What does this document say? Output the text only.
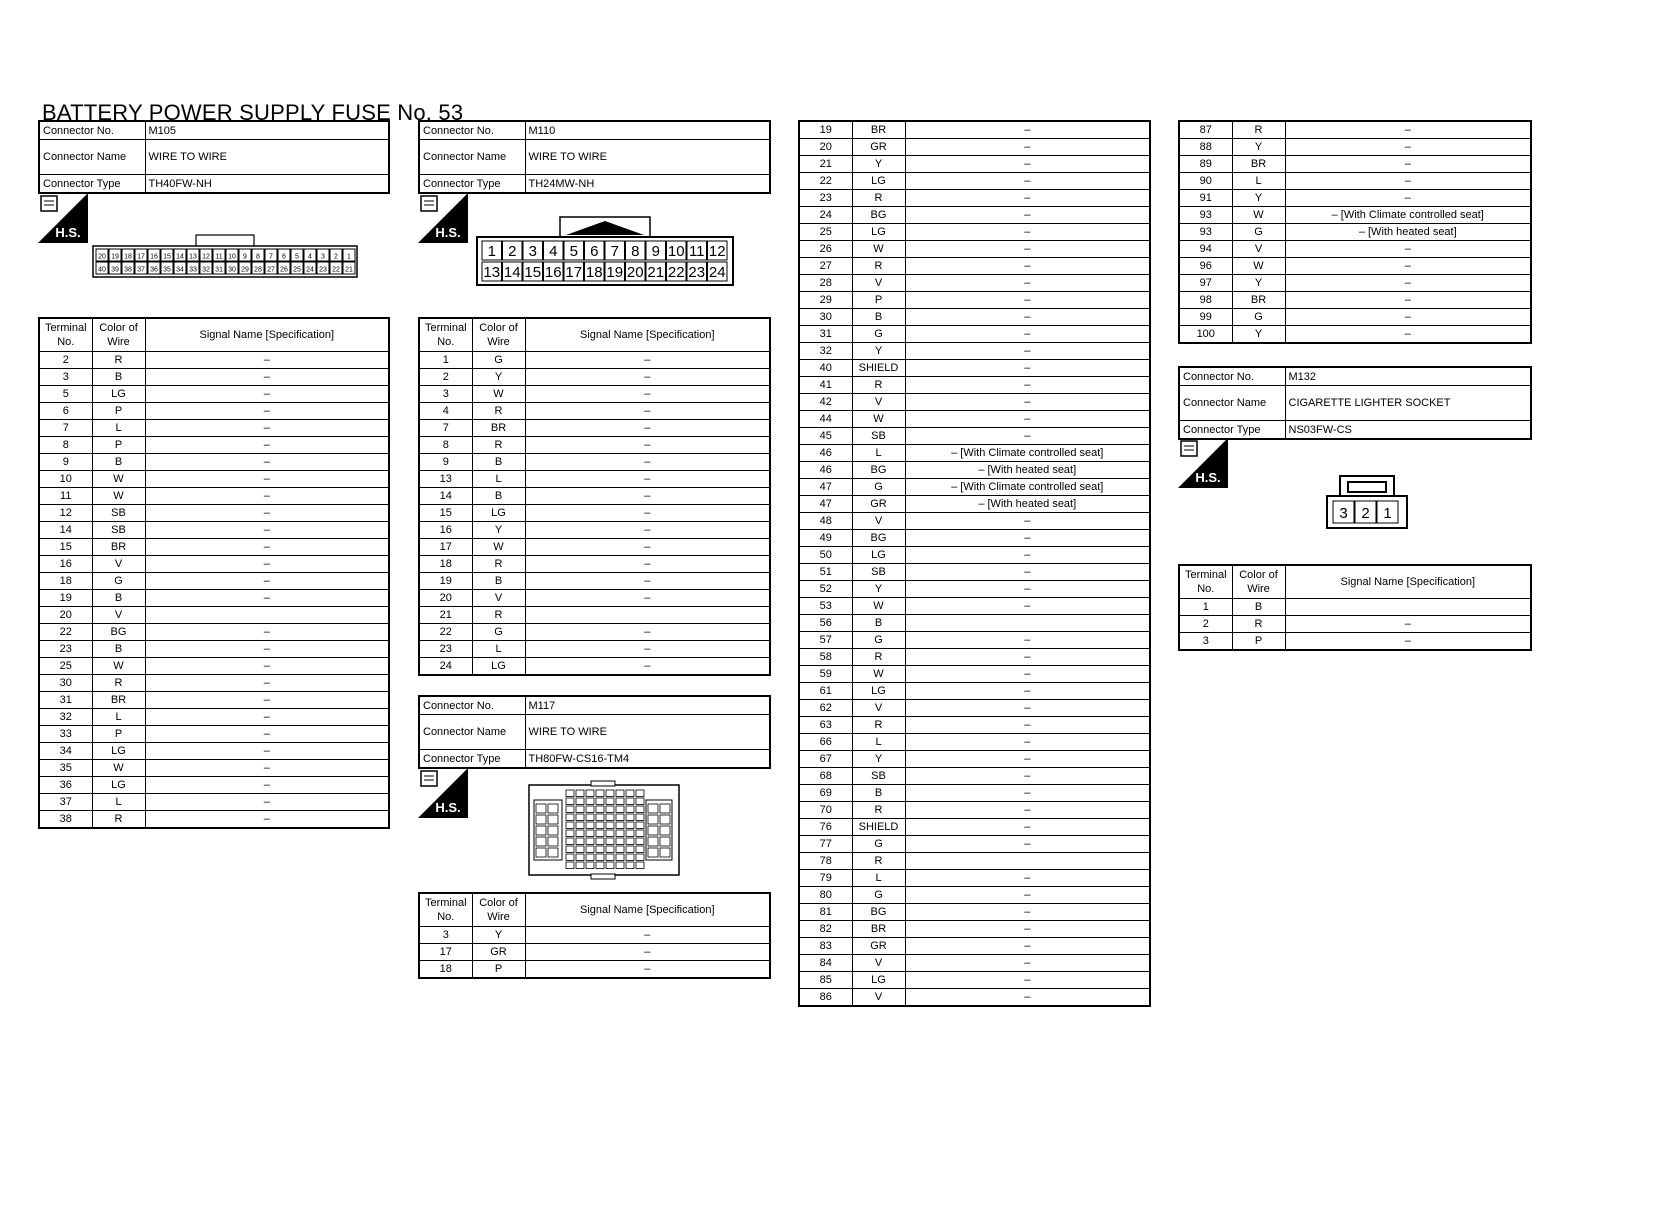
BATTERY POWER SUPPLY FUSE No. 53
Connector No.	M105
Connector Name	WIRE TO WIRE
Connector Type	TH40FW-NH
H.S.
20 19 18 17 16 15 14 13 12 11 10 9 8 7 6 5 4 3 2 1
40 39 38 37 36 35 34 33 32 31 30 29 28 27 26 25 24 23 22 21
Terminal No.	Color of Wire	Signal Name [Specification]
2	R	–
3	B	–
5	LG	–
6	P	–
7	L	–
8	P	–
9	B	–
10	W	–
11	W	–
12	SB	–
14	SB	–
15	BR	–
16	V	–
18	G	–
19	B	–
20	V	
22	BG	–
23	B	–
25	W	–
30	R	–
31	BR	–
32	L	–
33	P	–
34	LG	–
35	W	–
36	LG	–
37	L	–
38	R	–
Connector No.	M110
Connector Name	WIRE TO WIRE
Connector Type	TH24MW-NH
H.S.
1 2 3 4 5 6 7 8 9 10 11 12
13 14 15 16 17 18 19 20 21 22 23 24
Terminal No.	Color of Wire	Signal Name [Specification]
1	G	–
2	Y	–
3	W	–
4	R	–
7	BR	–
8	R	–
9	B	–
13	L	–
14	B	–
15	LG	–
16	Y	–
17	W	–
18	R	–
19	B	–
20	V	–
21	R	
22	G	–
23	L	–
24	LG	–
Connector No.	M117
Connector Name	WIRE TO WIRE
Connector Type	TH80FW-CS16-TM4
H.S.
Terminal No.	Color of Wire	Signal Name [Specification]
3	Y	–
17	GR	–
18	P	–
19	BR	–
20	GR	–
21	Y	–
22	LG	–
23	R	–
24	BG	–
25	LG	–
26	W	–
27	R	–
28	V	–
29	P	–
30	B	–
31	G	–
32	Y	–
40	SHIELD	–
41	R	–
42	V	–
44	W	–
45	SB	–
46	L	– [With Climate controlled seat]
46	BG	– [With heated seat]
47	G	– [With Climate controlled seat]
47	GR	– [With heated seat]
48	V	–
49	BG	–
50	LG	–
51	SB	–
52	Y	–
53	W	–
56	B	
57	G	–
58	R	–
59	W	–
61	LG	–
62	V	–
63	R	–
66	L	–
67	Y	–
68	SB	–
69	B	–
70	R	–
76	SHIELD	–
77	G	–
78	R	
79	L	–
80	G	–
81	BG	–
82	BR	–
83	GR	–
84	V	–
85	LG	–
86	V	–
87	R	–
88	Y	–
89	BR	–
90	L	–
91	Y	–
93	W	– [With Climate controlled seat]
93	G	– [With heated seat]
94	V	–
96	W	–
97	Y	–
98	BR	–
99	G	–
100	Y	–
Connector No.	M132
Connector Name	CIGARETTE LIGHTER SOCKET
Connector Type	NS03FW-CS
H.S.
3 2 1
Terminal No.	Color of Wire	Signal Name [Specification]
1	B	
2	R	–
3	P	–
